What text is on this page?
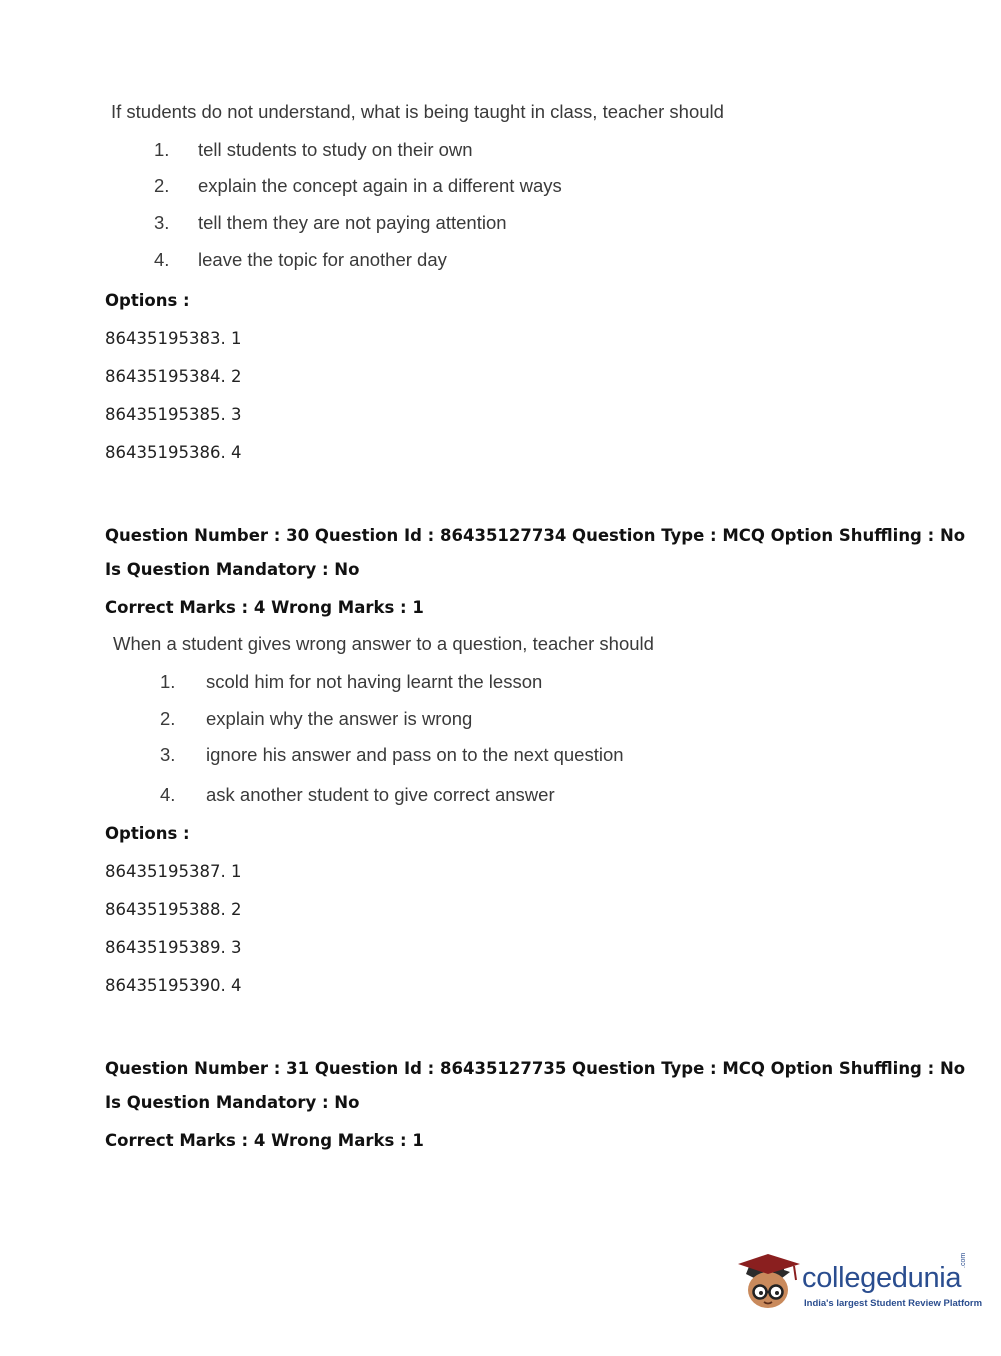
If students do not understand, what is being taught in class, teacher should
1. tell students to study on their own
2. explain the concept again in a different ways
3. tell them they are not paying attention
4. leave the topic for another day
Options :
86435195383. 1
86435195384. 2
86435195385. 3
86435195386. 4
Question Number : 30 Question Id : 86435127734 Question Type : MCQ Option Shuffling : No
Is Question Mandatory : No
Correct Marks : 4 Wrong Marks : 1
When a student gives wrong answer to a question, teacher should
1. scold him for not having learnt the lesson
2. explain why the answer is wrong
3. ignore his answer and pass on to the next question
4. ask another student to give correct answer
Options :
86435195387. 1
86435195388. 2
86435195389. 3
86435195390. 4
Question Number : 31 Question Id : 86435127735 Question Type : MCQ Option Shuffling : No
Is Question Mandatory : No
Correct Marks : 4 Wrong Marks : 1
collegedunia
.com
India's largest Student Review Platform
